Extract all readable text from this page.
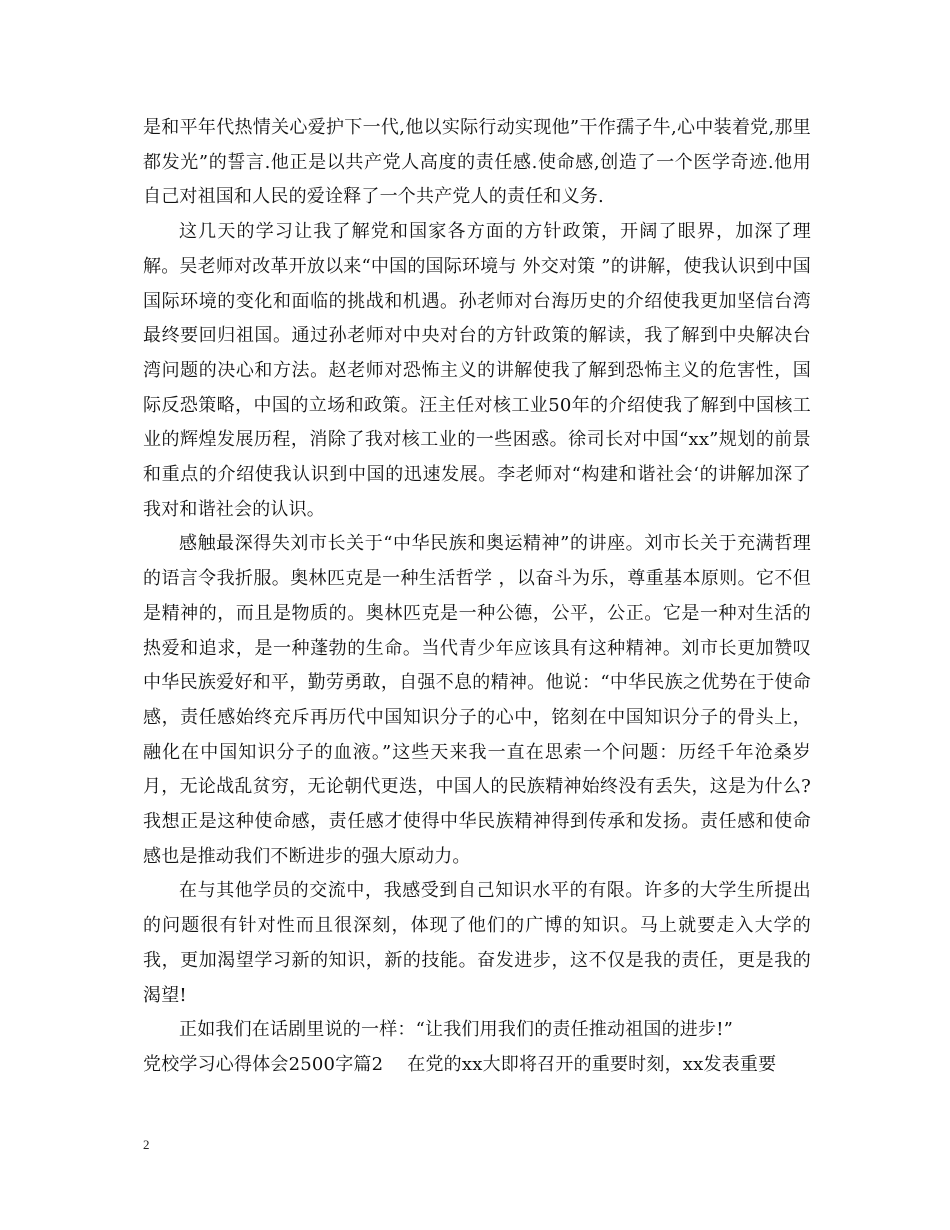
是和平年代热情关心爱护下一代,他以实际行动实现他”干作孺子牛,心中装着党,那里都发光”的誓言.他正是以共产党人高度的责任感.使命感,创造了一个医学奇迹.他用自己对祖国和人民的爱诠释了一个共产党人的责任和义务.

这几天的学习让我了解党和国家各方面的方针政策，开阔了眼界，加深了理解。吴老师对改革开放以来“中国的国际环境与 外交对策 ”的讲解，使我认识到中国国际环境的变化和面临的挑战和机遇。孙老师对台海历史的介绍使我更加坚信台湾最终要回归祖国。通过孙老师对中央对台的方针政策的解读，我了解到中央解决台湾问题的决心和方法。赵老师对恐怖主义的讲解使我了解到恐怖主义的危害性，国际反恐策略，中国的立场和政策。汪主任对核工业50年的介绍使我了解到中国核工业的辉煌发展历程，消除了我对核工业的一些困惑。徐司长对中国“xx”规划的前景和重点的介绍使我认识到中国的迅速发展。李老师对“构建和谐社会‘的讲解加深了我对和谐社会的认识。

感触最深得失刘市长关于“中华民族和奥运精神”的讲座。刘市长关于充满哲理的语言令我折服。奥林匹克是一种生活哲学 ，以奋斗为乐，尊重基本原则。它不但是精神的，而且是物质的。奥林匹克是一种公德，公平，公正。它是一种对生活的热爱和追求，是一种蓬勃的生命。当代青少年应该具有这种精神。刘市长更加赞叹中华民族爱好和平，勤劳勇敢，自强不息的精神。他说：“中华民族之优势在于使命感，责任感始终充斥再历代中国知识分子的心中，铭刻在中国知识分子的骨头上，融化在中国知识分子的血液。”这些天来我一直在思索一个问题：历经千年沧桑岁月，无论战乱贫穷，无论朝代更迭，中国人的民族精神始终没有丢失，这是为什么?我想正是这种使命感，责任感才使得中华民族精神得到传承和发扬。责任感和使命感也是推动我们不断进步的强大原动力。

在与其他学员的交流中，我感受到自己知识水平的有限。许多的大学生所提出的问题很有针对性而且很深刻，体现了他们的广博的知识。马上就要走入大学的我，更加渴望学习新的知识，新的技能。奋发进步，这不仅是我的责任，更是我的渴望!

正如我们在话剧里说的一样：“让我们用我们的责任推动祖国的进步!”

党校学习心得体会2500字篇2 在党的xx大即将召开的重要时刻，xx发表重要

2
